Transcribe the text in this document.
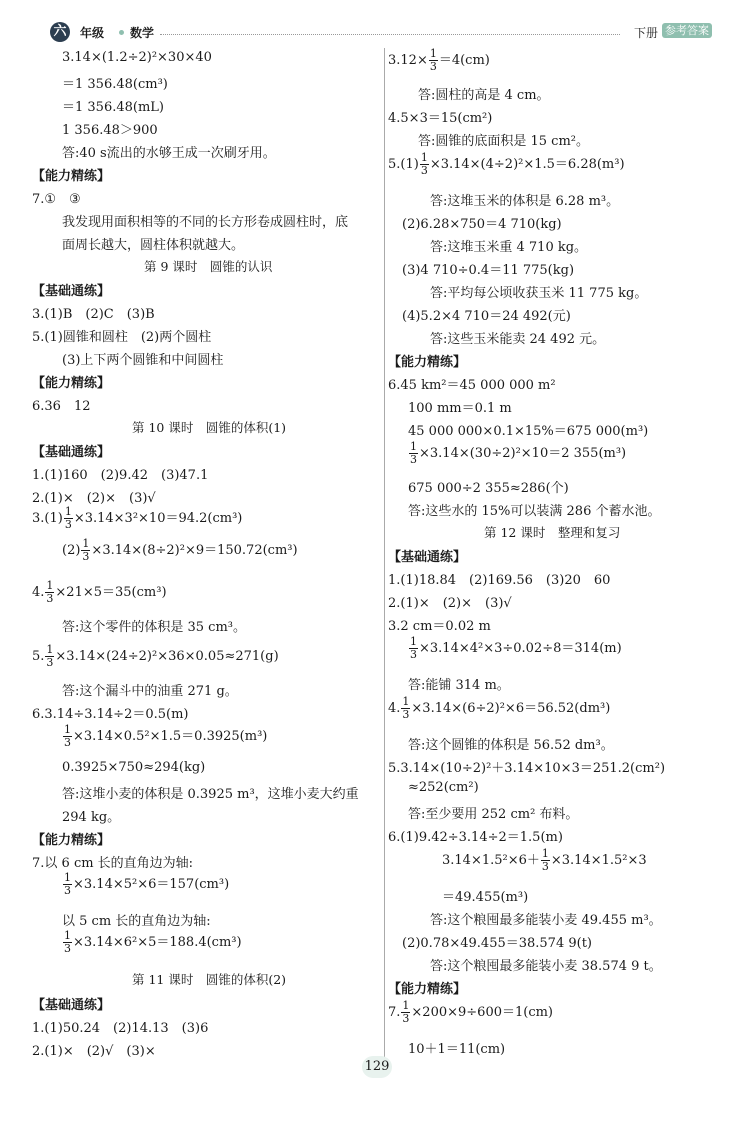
六 年级 数学	下册 参考答案
3.14×(1.2÷2)²×30×40
＝1 356.48(cm³)
＝1 356.48(mL)
1 356.48＞900
答:40 s流出的水够王成一次刷牙用。
【能力精练】
7.①　③
我发现用面积相等的不同的长方形卷成圆柱时，底
面周长越大，圆柱体积就越大。
第 9 课时　圆锥的认识
【基础通练】
3.(1)B　(2)C　(3)B
5.(1)圆锥和圆柱　(2)两个圆柱
(3)上下两个圆锥和中间圆柱
【能力精练】
6.36　12
第 10 课时　圆锥的体积(1)
【基础通练】
1.(1)160　(2)9.42　(3)47.1
2.(1)×　(2)×　(3)√
$3.(1) \frac{1}{3} \times 3.14\times 3^2\times 10=94.2(cm^3)$
$(2) \frac{1}{3} \times 3.14\times(8\div 2)^2\times 9=150.72(cm^3)$
4. $\frac{1}{3} \times 21\times 5=35(cm^3)$
答:这个零件的体积是 35 cm³。
5. $\frac{1}{3} \times 3.14\times(24\div 2)^2\times 36\times 0.05\approx 271(g)$
答:这个漏斗中的油重 271 g。
6.3.14÷3.14÷2＝0.5(m)
$\frac{1}{3} \times 3.14\times 0.5^2\times 1.5=0.3925(m^3)$
0.3925×750≈294(kg)
答:这堆小麦的体积是 0.3925 m³，这堆小麦大约重
294 kg。
【能力精练】
7.以 6 cm 长的直角边为轴:
$\frac{1}{3} \times 3.14\times 5^2\times 6=157(cm^3)$
以 5 cm 长的直角边为轴:
$\frac{1}{3} \times 3.14\times 6^2\times 5=188.4(cm^3)$
第 11 课时　圆锥的体积(2)
【基础通练】
1.(1)50.24　(2)14.13　(3)6
2.(1)×　(2)√　(3)×
$3.12\times \frac{1}{3} =4(cm)$
答:圆柱的高是 4 cm。
4.5×3＝15(cm²)
答:圆锥的底面积是 15 cm²。
$5.(1) \frac{1}{3} \times 3.14\times(4\div 2)^2\times 1.5=6.28(m^3)$
答:这堆玉米的体积是 6.28 m³。
(2)6.28×750＝4 710(kg)
答:这堆玉米重 4 710 kg。
(3)4 710÷0.4＝11 775(kg)
答:平均每公顷收获玉米 11 775 kg。
(4)5.2×4 710＝24 492(元)
答:这些玉米能卖 24 492 元。
【能力精练】
6.45 km²＝45 000 000 m²
100 mm＝0.1 m
45 000 000×0.1×15%＝675 000(m³)
$\frac{1}{3} \times 3.14\times(30\div 2)^2\times 10=2$ 355(m³)
675 000÷2 355≈286(个)
答:这些水的 15%可以装满 286 个蓄水池。
第 12 课时　整理和复习
【基础通练】
1.(1)18.84　(2)169.56　(3)20　60
2.(1)×　(2)×　(3)√
3.2 cm＝0.02 m
$\frac{1}{3} \times 3.14\times 4^2\times 3\div 0.02\div 8=314(m)$
答:能铺 314 m。
4. $\frac{1}{3} \times 3.14\times(6\div 2)^2\times 6=56.52(dm^3)$
答:这个圆锥的体积是 56.52 dm³。
5.3.14×(10÷2)²＋3.14×10×3＝251.2(cm²)
≈252(cm²)
答:至少要用 252 cm² 布料。
6.(1)9.42÷3.14÷2＝1.5(m)
$3.14\times 1.5^2\times 6+ \frac{1}{3} \times 3.14\times 1.5^2\times 3$
＝49.455(m³)
答:这个粮囤最多能装小麦 49.455 m³。
(2)0.78×49.455＝38.574 9(t)
答:这个粮囤最多能装小麦 38.574 9 t。
【能力精练】
7. $\frac{1}{3} \times 200\times 9\div 600=1(cm)$
10＋1＝11(cm)
129
